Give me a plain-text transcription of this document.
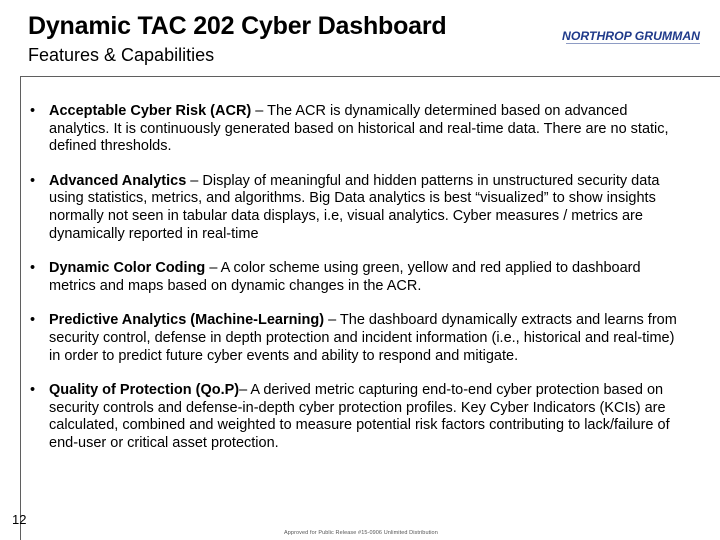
Dynamic TAC 202 Cyber Dashboard
Features & Capabilities
NORTHROP GRUMMAN
• Acceptable Cyber Risk (ACR) – The ACR is dynamically determined based on advanced analytics. It is continuously generated based on historical and real-time data. There are no static, defined thresholds.
• Advanced Analytics – Display of meaningful and hidden patterns in unstructured security data using statistics, metrics, and algorithms. Big Data analytics is best “visualized” to show insights normally not seen in tabular data displays, i.e, visual analytics. Cyber measures / metrics are dynamically reported in real-time
• Dynamic Color Coding – A color scheme using green, yellow and red applied to dashboard metrics and maps based on dynamic changes in the ACR.
• Predictive Analytics (Machine-Learning) – The dashboard dynamically extracts and learns from security control, defense in depth protection and incident information (i.e., historical and real-time) in order to predict future cyber events and ability to respond and mitigate.
• Quality of Protection (Qo.P)– A derived metric capturing end-to-end cyber protection based on security controls and defense-in-depth cyber protection profiles. Key Cyber Indicators (KCIs) are calculated, combined and weighted to measure potential risk factors contributing to lack/failure of end-user or critical asset protection.
12
Approved for Public Release #15-0906 Unlimited Distribution
